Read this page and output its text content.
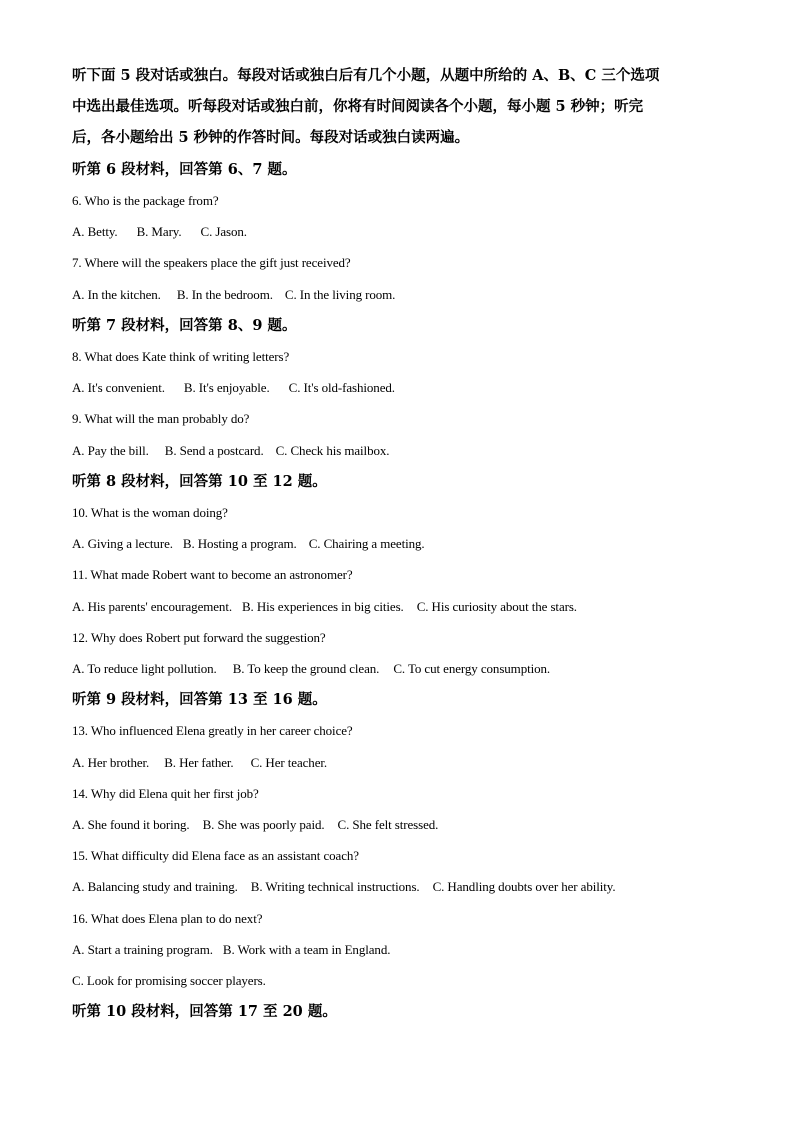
听下面 5 段对话或独白。每段对话或独白后有几个小题，从题中所给的 A、B、C 三个选项
中选出最佳选项。听每段对话或独白前，你将有时间阅读各个小题，每小题 5 秒钟；听完
后，各小题给出 5 秒钟的作答时间。每段对话或独白读两遍。
听第 6 段材料，回答第 6、7 题。
6. Who is the package from?
A. Betty. B. Mary. C. Jason.
7. Where will the speakers place the gift just received?
A. In the kitchen. B. In the bedroom. C. In the living room.
听第 7 段材料，回答第 8、9 题。
8. What does Kate think of writing letters?
A. It's convenient. B. It's enjoyable. C. It's old-fashioned.
9. What will the man probably do?
A. Pay the bill. B. Send a postcard. C. Check his mailbox.
听第 8 段材料，回答第 10 至 12 题。
10. What is the woman doing?
A. Giving a lecture. B. Hosting a program. C. Chairing a meeting.
11. What made Robert want to become an astronomer?
A. His parents' encouragement. B. His experiences in big cities. C. His curiosity about the stars.
12. Why does Robert put forward the suggestion?
A. To reduce light pollution. B. To keep the ground clean. C. To cut energy consumption.
听第 9 段材料，回答第 13 至 16 题。
13. Who influenced Elena greatly in her career choice?
A. Her brother. B. Her father. C. Her teacher.
14. Why did Elena quit her first job?
A. She found it boring. B. She was poorly paid. C. She felt stressed.
15. What difficulty did Elena face as an assistant coach?
A. Balancing study and training. B. Writing technical instructions. C. Handling doubts over her ability.
16. What does Elena plan to do next?
A. Start a training program. B. Work with a team in England.
C. Look for promising soccer players.
听第 10 段材料，回答第 17 至 20 题。
